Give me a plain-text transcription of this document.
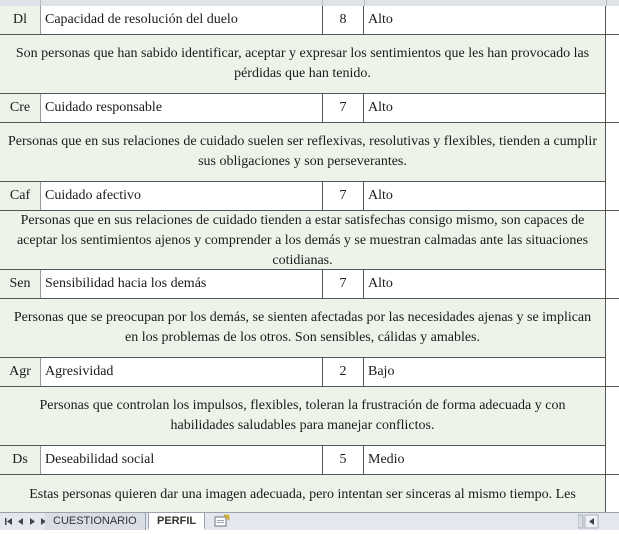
Dl	Capacidad de resolución del duelo	8	Alto
Son personas que han sabido identificar, aceptar y expresar los sentimientos que les han provocado las pérdidas que han tenido.
Cre	Cuidado responsable	7	Alto
Personas que en sus relaciones de cuidado suelen ser reflexivas, resolutivas y flexibles, tienden a cumplir sus obligaciones y son perseverantes.
Caf	Cuidado afectivo	7	Alto
Personas que en sus relaciones de cuidado tienden a estar satisfechas consigo mismo, son capaces de aceptar los sentimientos ajenos y comprender a los demás y se muestran calmadas ante las situaciones cotidianas.
Sen	Sensibilidad hacia los demás	7	Alto
Personas que se preocupan por los demás, se sienten afectadas por las necesidades ajenas y se implican en los problemas de los otros. Son sensibles, cálidas y amables.
Agr	Agresividad	2	Bajo
Personas que controlan los impulsos, flexibles, toleran la frustración de forma adecuada y con habilidades saludables para manejar conflictos.
Ds	Deseabilidad social	5	Medio
Estas personas quieren dar una imagen adecuada, pero intentan ser sinceras al mismo tiempo. Les
CUESTIONARIO	PERFIL
